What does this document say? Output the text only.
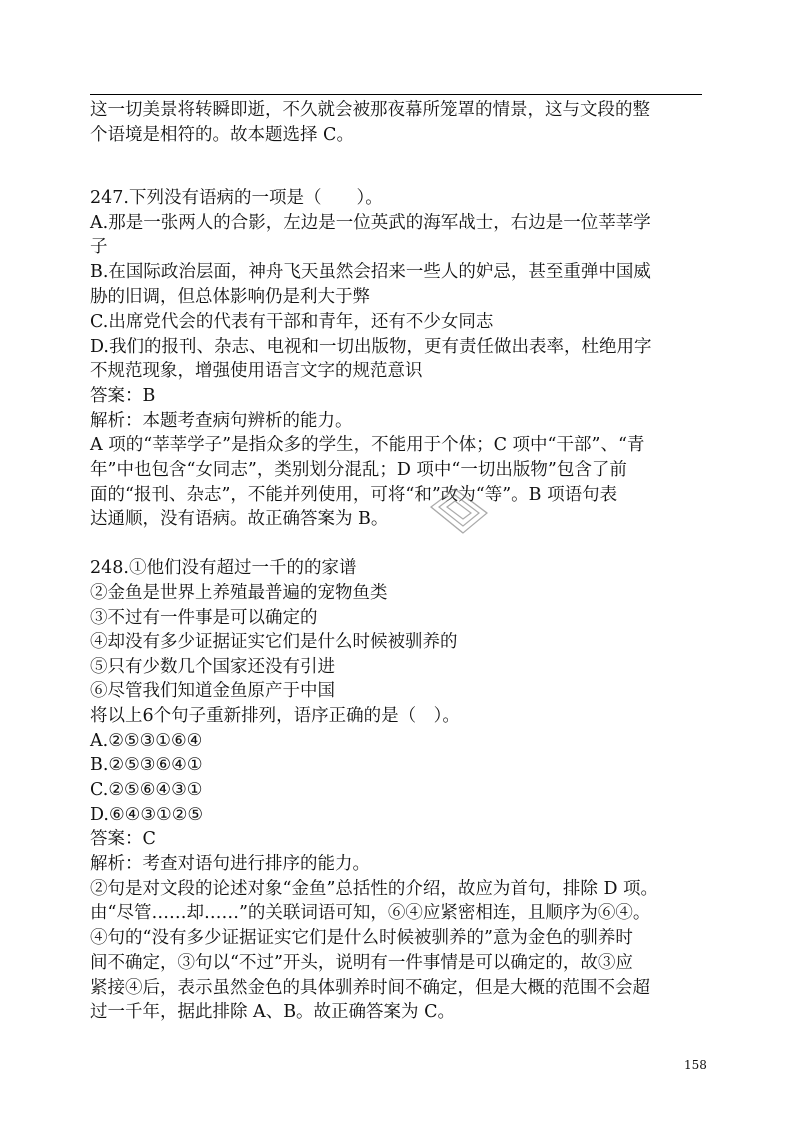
这一切美景将转瞬即逝，不久就会被那夜幕所笼罩的情景，这与文段的整
个语境是相符的。故本题选择 C。
247.下列没有语病的一项是（　　）。
A.那是一张两人的合影，左边是一位英武的海军战士，右边是一位莘莘学
子
B.在国际政治层面，神舟飞天虽然会招来一些人的妒忌，甚至重弹中国威
胁的旧调，但总体影响仍是利大于弊
C.出席党代会的代表有干部和青年，还有不少女同志
D.我们的报刊、杂志、电视和一切出版物，更有责任做出表率，杜绝用字
不规范现象，增强使用语言文字的规范意识
答案：B
解析：本题考查病句辨析的能力。
A 项的“莘莘学子”是指众多的学生，不能用于个体；C 项中“干部”、“青
年”中也包含“女同志”，类别划分混乱；D 项中“一切出版物”包含了前
面的“报刊、杂志”，不能并列使用，可将“和”改为“等”。B 项语句表
达通顺，没有语病。故正确答案为 B。
248.①他们没有超过一千的的家谱
②金鱼是世界上养殖最普遍的宠物鱼类
③不过有一件事是可以确定的
④却没有多少证据证实它们是什么时候被驯养的
⑤只有少数几个国家还没有引进
⑥尽管我们知道金鱼原产于中国
将以上6个句子重新排列，语序正确的是（　）。
A.②⑤③①⑥④
B.②⑤③⑥④①
C.②⑤⑥④③①
D.⑥④③①②⑤
答案：C
解析：考查对语句进行排序的能力。
②句是对文段的论述对象“金鱼”总括性的介绍，故应为首句，排除 D 项。
由“尽管……却……”的关联词语可知，⑥④应紧密相连，且顺序为⑥④。
④句的“没有多少证据证实它们是什么时候被驯养的”意为金色的驯养时
间不确定，③句以“不过”开头，说明有一件事情是可以确定的，故③应
紧接④后，表示虽然金色的具体驯养时间不确定，但是大概的范围不会超
过一千年，据此排除 A、B。故正确答案为 C。
158
